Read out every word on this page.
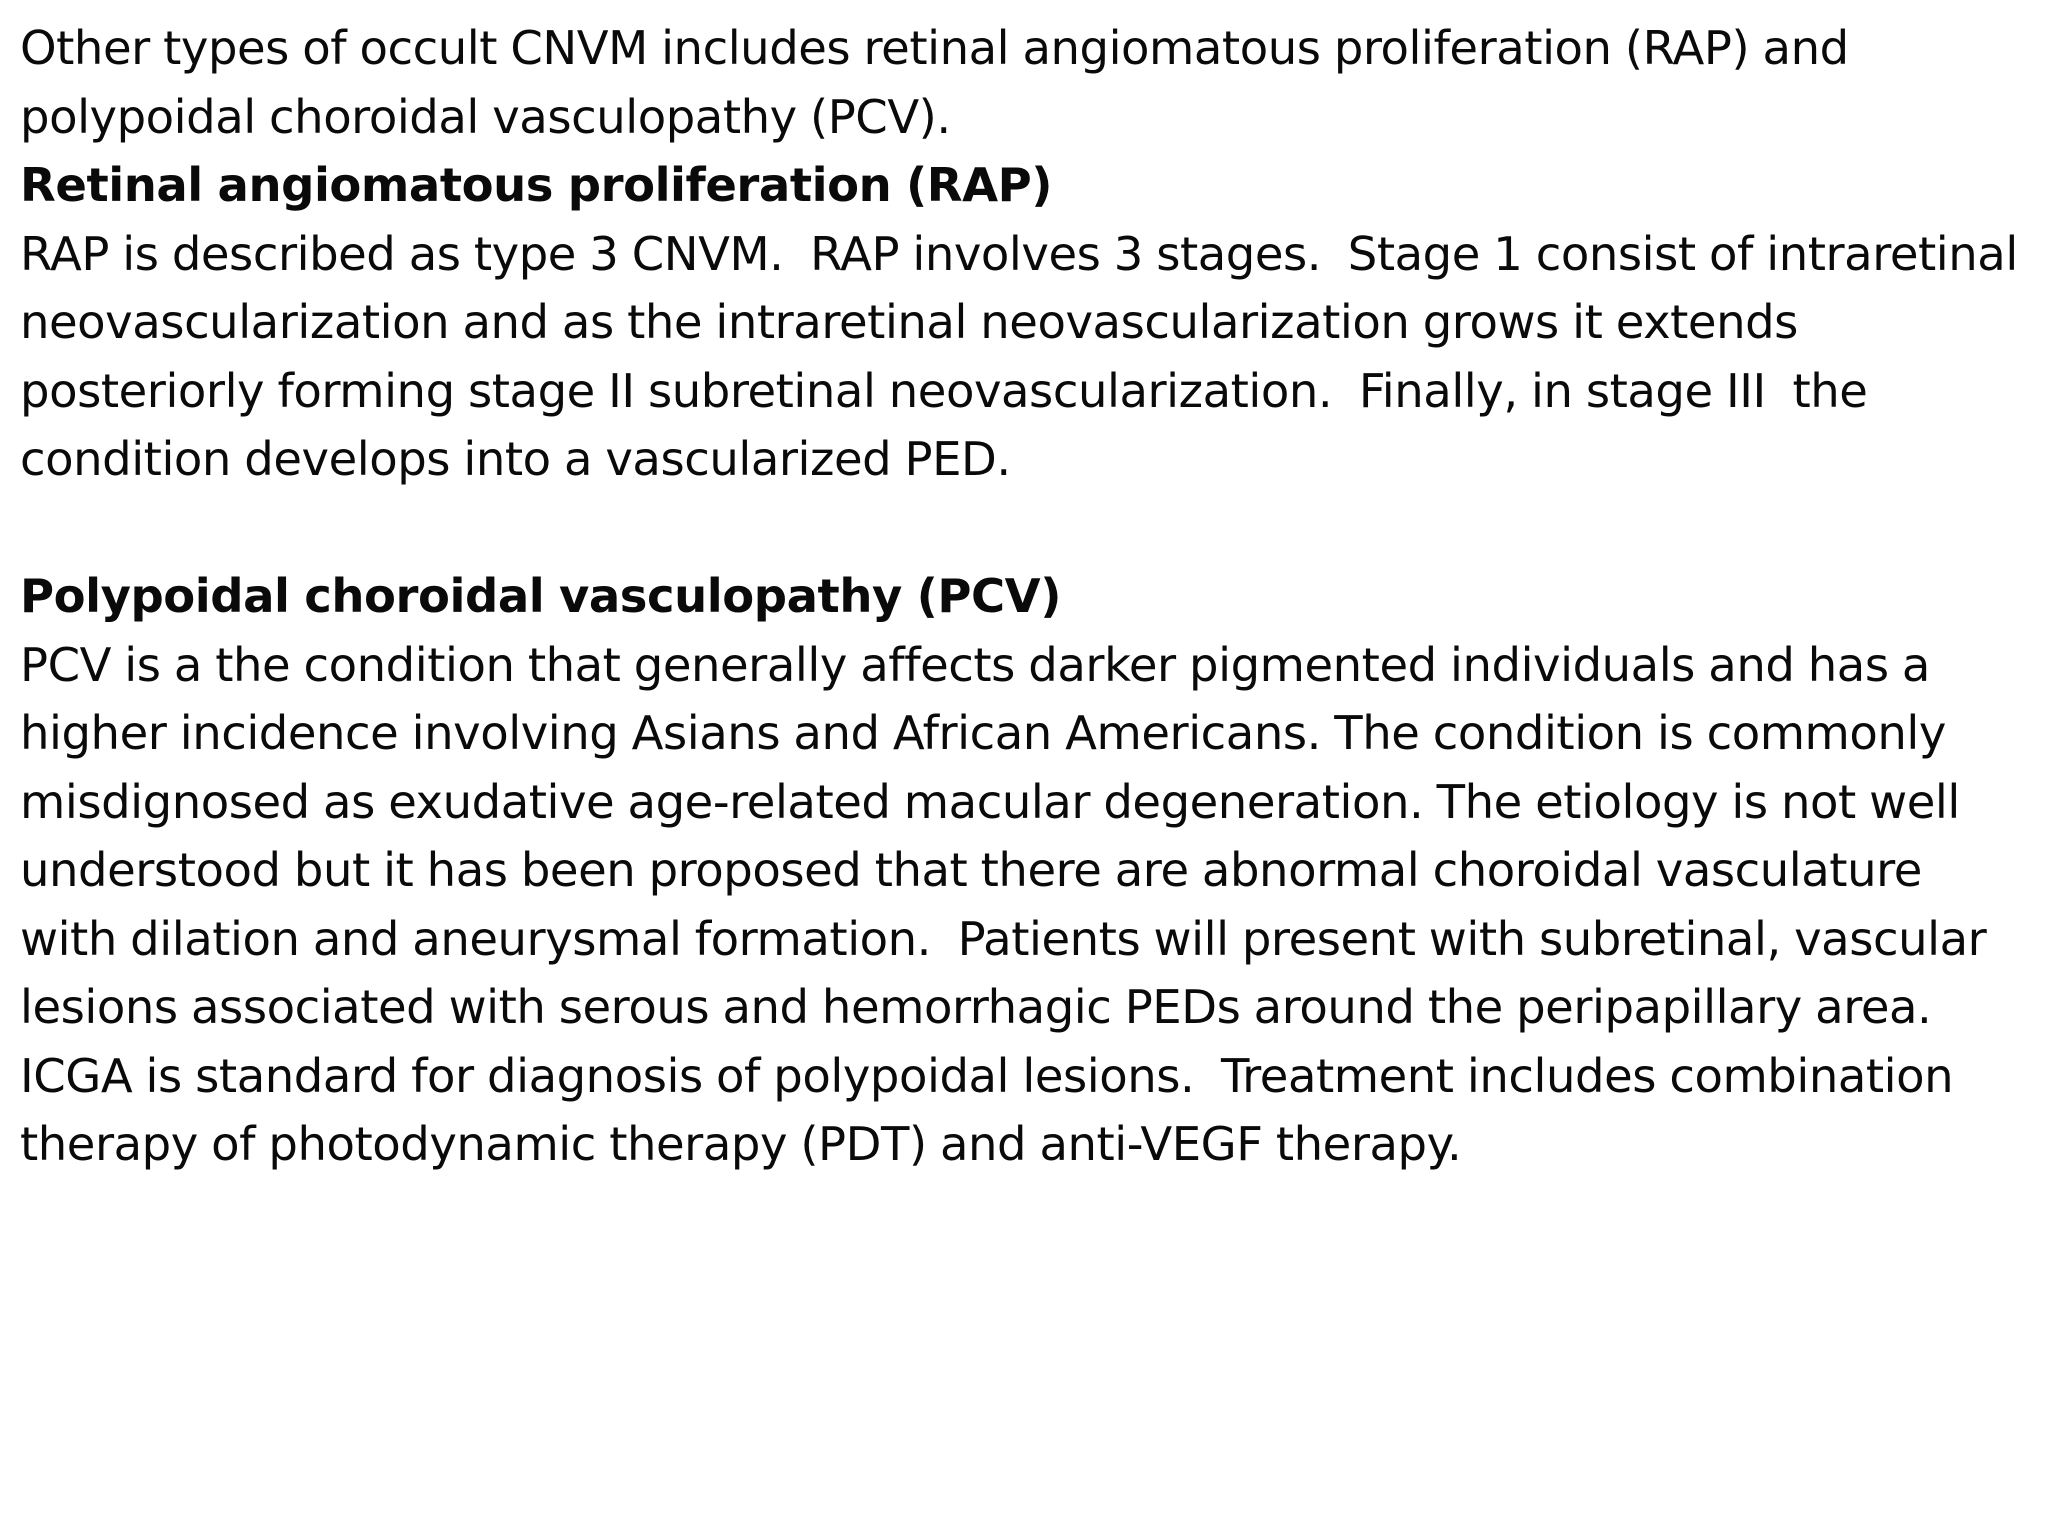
Other types of occult CNVM includes retinal angiomatous proliferation (RAP) and
polypoidal choroidal vasculopathy (PCV).
Retinal angiomatous proliferation (RAP)
RAP is described as type 3 CNVM.  RAP involves 3 stages.  Stage 1 consist of intraretinal
neovascularization and as the intraretinal neovascularization grows it extends
posteriorly forming stage II subretinal neovascularization.  Finally, in stage III  the
condition develops into a vascularized PED.
Polypoidal choroidal vasculopathy (PCV)
PCV is a the condition that generally affects darker pigmented individuals and has a
higher incidence involving Asians and African Americans. The condition is commonly
misdignosed as exudative age-related macular degeneration. The etiology is not well
understood but it has been proposed that there are abnormal choroidal vasculature
with dilation and aneurysmal formation.  Patients will present with subretinal, vascular
lesions associated with serous and hemorrhagic PEDs around the peripapillary area.
ICGA is standard for diagnosis of polypoidal lesions.  Treatment includes combination
therapy of photodynamic therapy (PDT) and anti-VEGF therapy.
